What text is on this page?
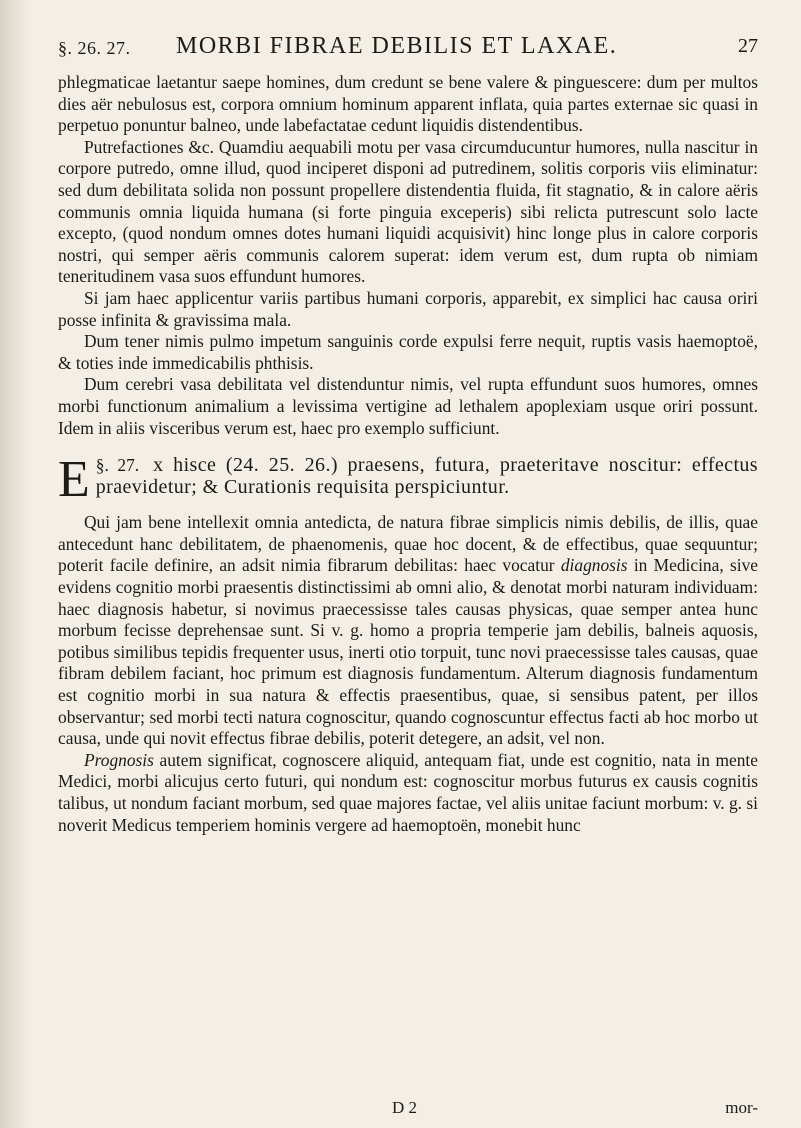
§. 26. 27. MORBI FIBRAE DEBILIS ET LAXAE.	27

phlegmaticae laetantur saepe homines, dum credunt se bene valere & pinguescere: dum per multos dies aër nebulosus est, corpora omnium hominum apparent inflata, quia partes externae sic quasi in perpetuo ponuntur balneo, unde labefactatae cedunt liquidis distendentibus.

Putrefactiones &c. Quamdiu aequabili motu per vasa circumducuntur humores, nulla nascitur in corpore putredo, omne illud, quod inciperet disponi ad putredinem, solitis corporis viis eliminatur: sed dum debilitata solida non possunt propellere distendentia fluida, fit stagnatio, & in calore aëris communis omnia liquida humana (si forte pinguia exceperis) sibi relicta putrescunt solo lacte excepto, (quod nondum omnes dotes humani liquidi acquisivit) hinc longe plus in calore corporis nostri, qui semper aëris communis calorem superat: idem verum est, dum rupta ob nimiam teneritudinem vasa suos effundunt humores.

Si jam haec applicentur variis partibus humani corporis, apparebit, ex simplici hac causa oriri posse infinita & gravissima mala.

Dum tener nimis pulmo impetum sanguinis corde expulsi ferre nequit, ruptis vasis haemoptoë, & toties inde immedicabilis phthisis.

Dum cerebri vasa debilitata vel distenduntur nimis, vel rupta effundunt suos humores, omnes morbi functionum animalium a levissima vertigine ad lethalem apoplexiam usque oriri possunt. Idem in aliis visceribus verum est, haec pro exemplo sufficiunt.

§. 27.
E	x hisce (24. 25. 26.) praesens, futura, praeteritave noscitur: effectus praevidetur; & Curationis requisita perspiciuntur.

Qui jam bene intellexit omnia antedicta, de natura fibrae simplicis nimis debilis, de illis, quae antecedunt hanc debilitatem, de phaenomenis, quae hoc docent, & de effectibus, quae sequuntur; poterit facile definire, an adsit nimia fibrarum debilitas: haec vocatur diagnosis in Medicina, sive evidens cognitio morbi praesentis distinctissimi ab omni alio, & denotat morbi naturam individuam: haec diagnosis habetur, si novimus praecessisse tales causas physicas, quae semper antea hunc morbum fecisse deprehensae sunt. Si v. g. homo a propria temperie jam debilis, balneis aquosis, potibus similibus tepidis frequenter usus, inerti otio torpuit, tunc novi praecessisse tales causas, quae fibram debilem faciant, hoc primum est diagnosis fundamentum. Alterum diagnosis fundamentum est cognitio morbi in sua natura & effectis praesentibus, quae, si sensibus patent, per illos observantur; sed morbi tecti natura cognoscitur, quando cognoscuntur effectus facti ab hoc morbo ut causa, unde qui novit effectus fibrae debilis, poterit detegere, an adsit, vel non.

Prognosis autem significat, cognoscere aliquid, antequam fiat, unde est cognitio, nata in mente Medici, morbi alicujus certo futuri, qui nondum est: cognoscitur morbus futurus ex causis cognitis talibus, ut nondum faciant morbum, sed quae majores factae, vel aliis unitae faciunt morbum: v. g. si noverit Medicus temperiem hominis vergere ad haemoptoën, monebit hunc

D 2	mor-
